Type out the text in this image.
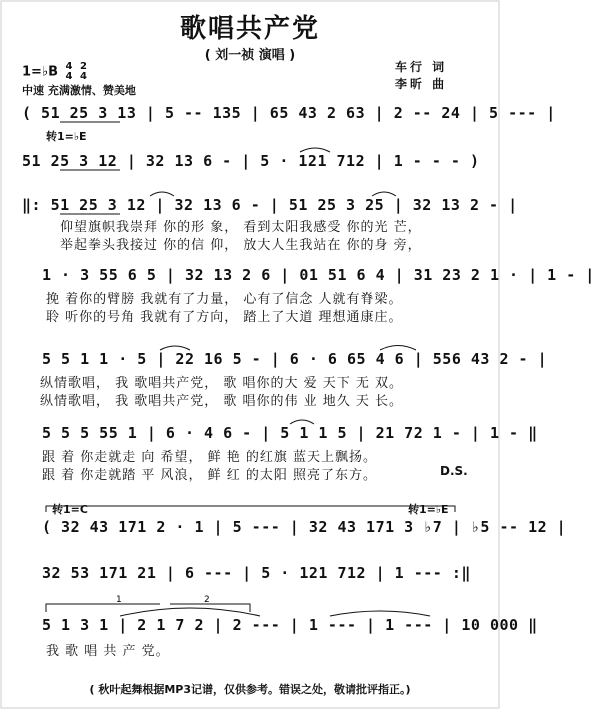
歌唱共产党
( 刘一祯 演唱 )
1=♭B 4
4

2
4
中速 充满激情、赞美地
车行 词
李昕 曲
( 51 25 3 13 | 5 -- 135 | 65 43 2 63 | 2 -- 24 | 5 --- |
转1=♭E
51 25 3 12 | 32 13 6 - | 5 · 121 712 | 1 - - - )
‖: 51 25 3 12 | 32 13 6 - | 51 25 3 25 | 32 13 2 - |
仰望旗帜我崇拜 你的形 象， 看到太阳我感受 你的光 芒，
举起拳头我接过 你的信 仰， 放大人生我站在 你的身 旁，
1 · 3 55 6 5 | 32 13 2 6 | 01 51 6 4 | 31 23 2 1 · | 1 - |
挽 着你的臂膀 我就有了力量， 心有了信念 人就有脊梁。
聆 听你的号角 我就有了方向， 踏上了大道 理想通康庄。
5 5 1 1 · 5 | 22 16 5 - | 6 · 6 65 4 6 | 556 43 2 - |
纵情歌唱， 我 歌唱共产党， 歌 唱你的大 爱 天下 无 双。
纵情歌唱， 我 歌唱共产党， 歌 唱你的伟 业 地久 天 长。
5 5 5 55 1 | 6 · 4 6 - | 5 1 1 5 | 21 72 1 - | 1 - ‖
跟 着 你走就走 向 希望， 鲜 艳 的红旗 蓝天上飘扬。
跟 着 你走就踏 平 风浪， 鲜 红 的太阳 照亮了东方。	D.S.
转1=C	转1=♭E
( 32 43 171 2 · 1 | 5 --- | 32 43 171 3 ♭7 | ♭5 -- 12 |
32 53 171 21 | 6 --- | 5 · 121 712 | 1 --- :‖
5 1 3 1 | 2 1 7 2 | 2 --- | 1 --- | 1 --- | 10 000 ‖
我 歌 唱 共 产 党。
( 秋叶起舞根据MP3记谱，仅供参考。错误之处，敬请批评指正。)
1	2
